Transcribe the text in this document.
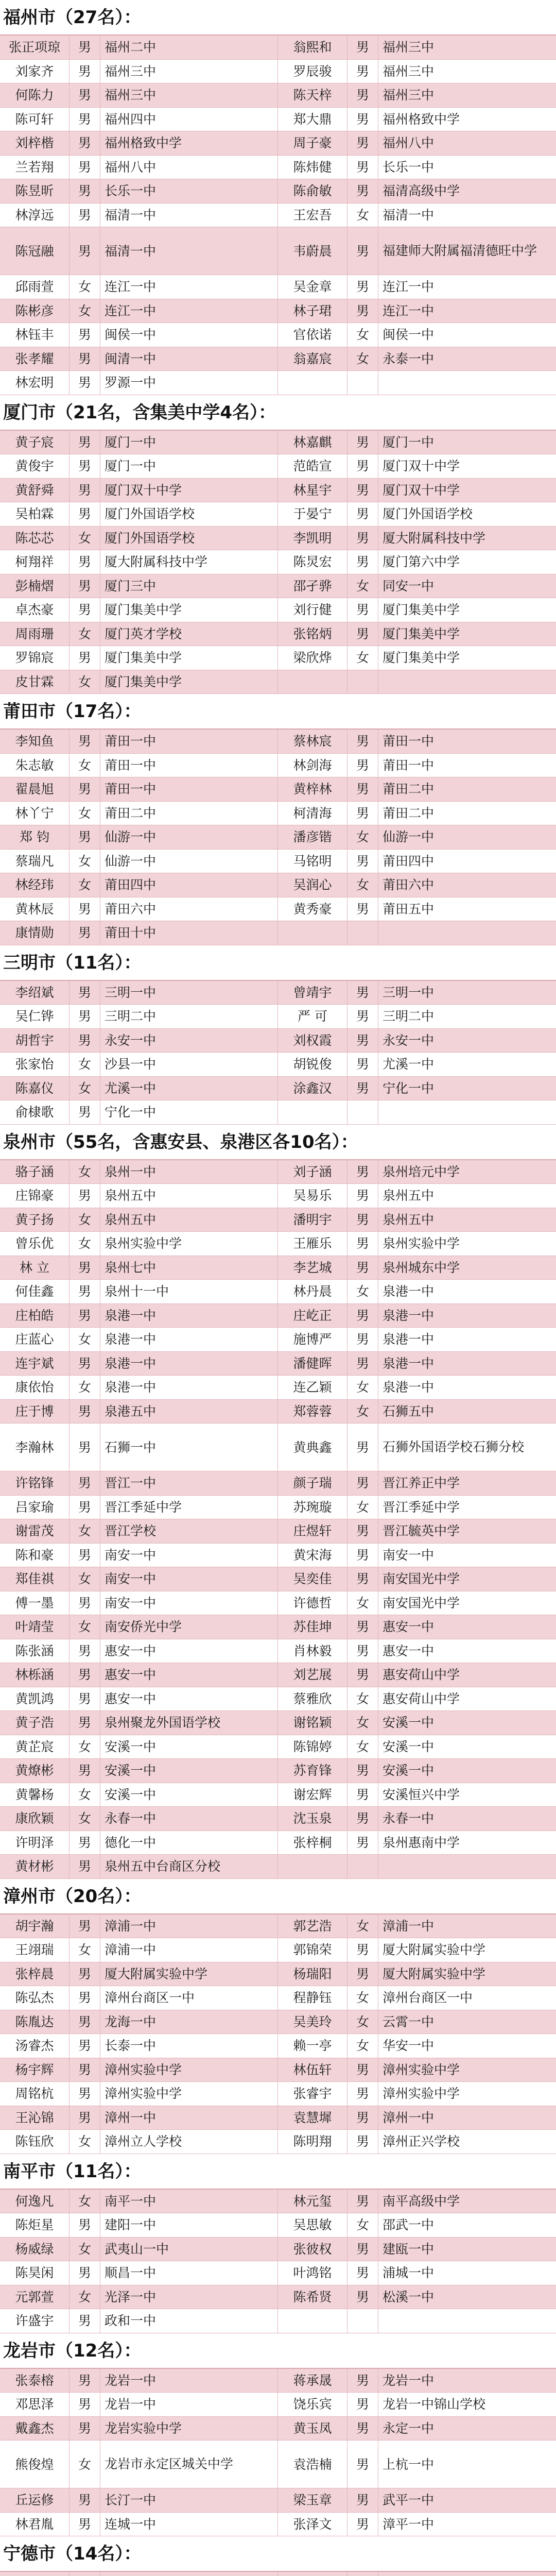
福州市（27名）：
张正项琼	男	福州二中	翁熙和	男	福州三中
刘家齐	男	福州三中	罗辰骏	男	福州三中
何陈力	男	福州三中	陈天梓	男	福州三中
陈可轩	男	福州四中	郑大鼎	男	福州格致中学
刘梓楷	男	福州格致中学	周子豪	男	福州八中
兰若翔	男	福州八中	陈炜健	男	长乐一中
陈昱昕	男	长乐一中	陈俞敏	男	福清高级中学
林淳远	男	福清一中	王宏吾	女	福清一中
陈冠融	男	福清一中	韦蔚晨	男	福建师大附属福清德旺中学
邱雨萱	女	连江一中	吴金章	男	连江一中
陈彬彦	女	连江一中	林子珺	男	连江一中
林钰丰	男	闽侯一中	官依诺	女	闽侯一中
张孝耀	男	闽清一中	翁嘉宸	女	永泰一中
林宏明	男	罗源一中
厦门市（21名，含集美中学4名）：
黄子宸	男	厦门一中	林嘉麒	男	厦门一中
黄俊宇	男	厦门一中	范皓宣	男	厦门双十中学
黄舒舜	男	厦门双十中学	林星宇	男	厦门双十中学
吴柏霖	男	厦门外国语学校	于晏宁	男	厦门外国语学校
陈芯芯	女	厦门外国语学校	李凯明	男	厦大附属科技中学
柯翔祥	男	厦大附属科技中学	陈炅宏	男	厦门第六中学
彭楠熠	男	厦门三中	邵孑骅	女	同安一中
卓杰豪	男	厦门集美中学	刘行健	男	厦门集美中学
周雨珊	女	厦门英才学校	张铭炳	男	厦门集美中学
罗锦宸	男	厦门集美中学	梁欣烨	女	厦门集美中学
皮甘霖	女	厦门集美中学
莆田市（17名）：
李知鱼	男	莆田一中	蔡林宸	男	莆田一中
朱志敏	女	莆田一中	林剑海	男	莆田一中
翟晨旭	男	莆田一中	黄梓林	男	莆田二中
林丫宁	女	莆田二中	柯清海	男	莆田二中
郑 钧	男	仙游一中	潘彦锴	女	仙游一中
蔡瑞凡	女	仙游一中	马铭明	男	莆田四中
林经玮	女	莆田四中	吴润心	女	莆田六中
黄林辰	男	莆田六中	黄秀豪	男	莆田五中
康情勋	男	莆田十中
三明市（11名）：
李绍斌	男	三明一中	曾靖宇	男	三明一中
吴仁铧	男	三明二中	严 可	男	三明二中
胡哲宇	男	永安一中	刘权霞	男	永安一中
张家怡	女	沙县一中	胡锐俊	男	尤溪一中
陈嘉仪	女	尤溪一中	涂鑫汉	男	宁化一中
俞棣歌	男	宁化一中
泉州市（55名，含惠安县、泉港区各10名）：
骆子涵	女	泉州一中	刘子涵	男	泉州培元中学
庄锦豪	男	泉州五中	吴易乐	男	泉州五中
黄子扬	女	泉州五中	潘明宇	男	泉州五中
曾乐优	女	泉州实验中学	王雁乐	男	泉州实验中学
林 立	男	泉州七中	李艺城	男	泉州城东中学
何佳鑫	男	泉州十一中	林丹晨	女	泉港一中
庄柏皓	男	泉港一中	庄屹正	男	泉港一中
庄蓝心	女	泉港一中	施博严	男	泉港一中
连宇斌	男	泉港一中	潘健晖	男	泉港一中
康依怡	女	泉港一中	连乙颖	女	泉港一中
庄于博	男	泉港五中	郑蓉蓉	女	石狮五中
李瀚林	男	石狮一中	黄典鑫	男	石狮外国语学校石狮分校
许铭锋	男	晋江一中	颜子瑞	男	晋江养正中学
吕家瑜	男	晋江季延中学	苏琬璇	女	晋江季延中学
谢雷茂	女	晋江学校	庄煜轩	男	晋江毓英中学
陈和豪	男	南安一中	黄宋海	男	南安一中
郑佳祺	女	南安一中	吴奕佳	男	南安国光中学
傅一墨	男	南安一中	许德哲	女	南安国光中学
叶靖莹	女	南安侨光中学	苏佳坤	男	惠安一中
陈张涵	男	惠安一中	肖林毅	男	惠安一中
林栎涵	男	惠安一中	刘艺展	男	惠安荷山中学
黄凯鸿	男	惠安一中	蔡雅欣	女	惠安荷山中学
黄子浩	男	泉州聚龙外国语学校	谢铭颖	女	安溪一中
黄芷宸	女	安溪一中	陈锦婷	女	安溪一中
黄燎彬	男	安溪一中	苏育锋	男	安溪一中
黄馨杨	女	安溪一中	谢宏辉	男	安溪恒兴中学
康欣颖	女	永春一中	沈玉泉	男	永春一中
许明泽	男	德化一中	张梓桐	男	泉州惠南中学
黄材彬	男	泉州五中台商区分校
漳州市（20名）：
胡宇瀚	男	漳浦一中	郭艺浩	女	漳浦一中
王翊瑞	女	漳浦一中	郭锦荣	男	厦大附属实验中学
张梓晨	男	厦大附属实验中学	杨瑞阳	男	厦大附属实验中学
陈弘杰	男	漳州台商区一中	程静钰	女	漳州台商区一中
陈胤达	男	龙海一中	吴美玲	女	云霄一中
汤睿杰	男	长泰一中	赖一亭	女	华安一中
杨宇辉	男	漳州实验中学	林伍轩	男	漳州实验中学
周铭杭	男	漳州实验中学	张睿宇	男	漳州实验中学
王沁锦	男	漳州一中	袁慧墀	男	漳州一中
陈钰欣	女	漳州立人学校	陈明翔	男	漳州正兴学校
南平市（11名）：
何逸凡	女	南平一中	林元玺	男	南平高级中学
陈炬星	男	建阳一中	吴思敏	女	邵武一中
杨威绿	女	武夷山一中	张彼权	男	建瓯一中
陈昊闲	男	顺昌一中	叶鸿铭	男	浦城一中
元郭萱	女	光泽一中	陈希贤	男	松溪一中
许盛宇	男	政和一中
龙岩市（12名）：
张泰榕	男	龙岩一中	蒋承晟	男	龙岩一中
邓思泽	男	龙岩一中	饶乐宾	男	龙岩一中锦山学校
戴鑫杰	男	龙岩实验中学	黄玉凤	男	永定一中
熊俊煌	女	龙岩市永定区城关中学	袁浩楠	男	上杭一中
丘运修	男	长汀一中	梁玉章	男	武平一中
林君胤	男	连城一中	张泽文	男	漳平一中
宁德市（14名）：
